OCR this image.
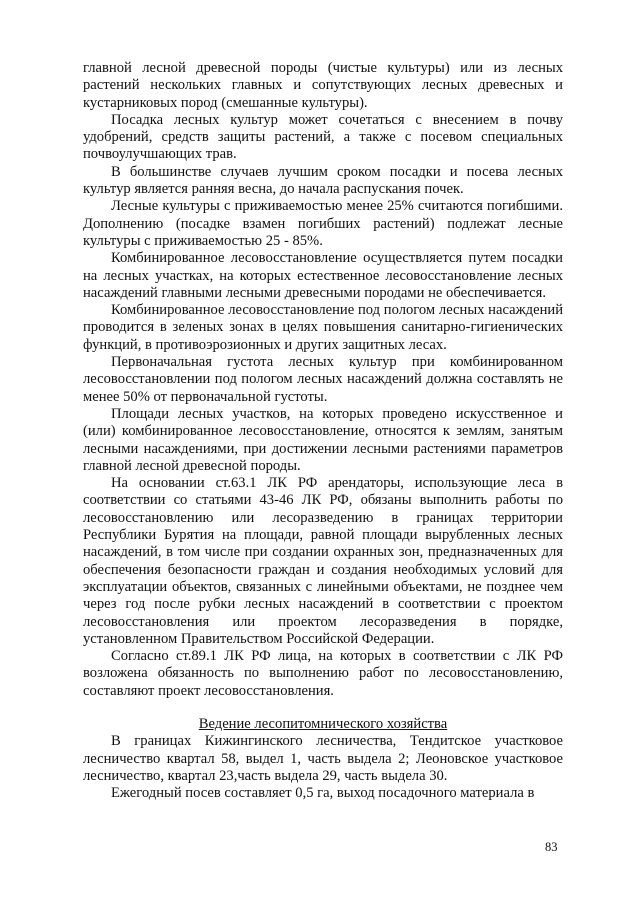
главной лесной древесной породы (чистые культуры) или из лесных растений нескольких главных и сопутствующих лесных древесных и кустарниковых пород (смешанные культуры).

Посадка лесных культур может сочетаться с внесением в почву удобрений, средств защиты растений, а также с посевом специальных почвоулучшающих трав.

В большинстве случаев лучшим сроком посадки и посева лесных культур является ранняя весна, до начала распускания почек.

Лесные культуры с приживаемостью менее 25% считаются погибшими. Дополнению (посадке взамен погибших растений) подлежат лесные культуры с приживаемостью 25 - 85%.

Комбинированное лесовосстановление осуществляется путем посадки на лесных участках, на которых естественное лесовосстановление лесных насаждений главными лесными древесными породами не обеспечивается.

Комбинированное лесовосстановление под пологом лесных насаждений проводится в зеленых зонах в целях повышения санитарно-гигиенических функций, в противоэрозионных и других защитных лесах.

Первоначальная густота лесных культур при комбинированном лесовосстановлении под пологом лесных насаждений должна составлять не менее 50% от первоначальной густоты.

Площади лесных участков, на которых проведено искусственное и (или) комбинированное лесовосстановление, относятся к землям, занятым лесными насаждениями, при достижении лесными растениями параметров главной лесной древесной породы.

На основании ст.63.1 ЛК РФ арендаторы, использующие леса в соответствии со статьями 43-46 ЛК РФ, обязаны выполнить работы по лесовосстановлению или лесоразведению в границах территории Республики Бурятия на площади, равной площади вырубленных лесных насаждений, в том числе при создании охранных зон, предназначенных для обеспечения безопасности граждан и создания необходимых условий для эксплуатации объектов, связанных с линейными объектами, не позднее чем через год после рубки лесных насаждений в соответствии с проектом лесовосстановления или проектом лесоразведения в порядке, установленном Правительством Российской Федерации.

Согласно ст.89.1 ЛК РФ лица, на которых в соответствии с ЛК РФ возложена обязанность по выполнению работ по лесовосстановлению, составляют проект лесовосстановления.

Ведение лесопитомнического хозяйства

В границах Кижингинского лесничества, Тендитское участковое лесничество квартал 58, выдел 1, часть выдела 2; Леоновское участковое лесничество, квартал 23,часть выдела 29, часть выдела 30.

Ежегодный посев составляет 0,5 га, выход посадочного материала в

83
